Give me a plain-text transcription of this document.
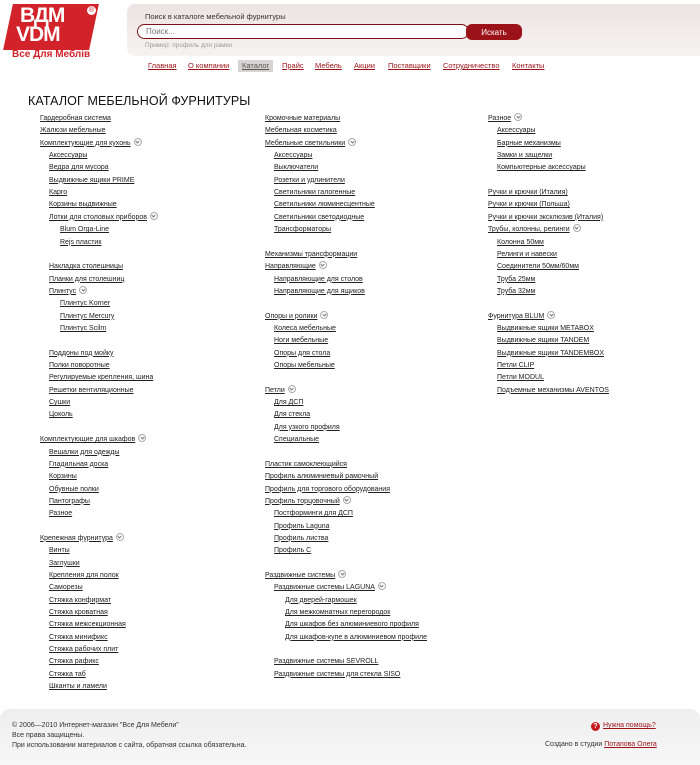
ВДМ
VDM
®
Все Для Меблів
Поиск в каталоге мебельной фурнитуры
Поиск...
Искать
Пример: профиль для рамки
Главная О компании	Каталог	Прайс Мебель Акции Поставщики Сотрудничество Контакты
КАТАЛОГ МЕБЕЛЬНОЙ ФУРНИТУРЫ
Гардеробная система
Жалюзи мебельные
Комплектующие для кухонь
Аксессуары
Ведра для мусора
Выдвижные ящики PRIME
Карго
Корзины выдвижные
Лотки для столовых приборов
Blum Orga-Line
Rejs пластик
Накладка столешницы
Планки для столешниц
Плинтус
Плинтус Korner
Плинтус Mercury
Плинтус Scilm
Поддоны под мойку
Полки поворотные
Регулируемые крепления, шина
Решетки вентиляционные
Сушки
Цоколь
Комплектующие для шкафов
Вешалки для одежды
Гладильная доска
Корзины
Обувные полки
Пантографы
Разное
Крепежная фурнитура
Винты
Заглушки
Крепления для полок
Саморезы
Стяжка конфирмат
Стяжка кроватная
Стяжка межсекционная
Стяжка минификс
Стяжка рабочих плит
Стяжка рафикс
Стяжка таб
Шканты и ламели
Кромочные материалы
Мебельная косметика
Мебельные светильники
Аксессуары
Выключатели
Розетки и удлинители
Светильники галогенные
Светильники люминесцентные
Светильники светодиодные
Трансформаторы
Механизмы трансформации
Направляющие
Направляющие для столов
Направляющие для ящиков
Опоры и ролики
Колеса мебельные
Ноги мебельные
Опоры для стола
Опоры мебельные
Петли
Для ДСП
Для стекла
Для узкого профиля
Специальные
Пластик самоклеющийся
Профиль алюминиевый рамочный
Профиль для торгового оборудования
Профиль торцовочный
Постформинги для ДСП
Профиль Laguna
Профиль листва
Профиль С
Раздвижные системы
Раздвижные системы LAGUNA
Для дверей-гармошек
Для межкомнатных перегородок
Для шкафов без алюминиевого профиля
Для шкафов-купе в алюминиевом профиле
Раздвижные системы SEVROLL
Раздвижные системы для стекла SISO
Разное
Аксессуары
Барные механизмы
Замки и защелки
Компьютерные аксессуары
Ручки и крючки (Италия)
Ручки и крючки (Польша)
Ручки и крючки эксклюзив (Италия)
Трубы, колонны, релинги
Колонна 50мм
Релинги и навески
Соединители 50мм/60мм
Труба 25мм
Труба 32мм
Фурнитура BLUM
Выдвижные ящики METABOX
Выдвижные ящики TANDEM
Выдвижные ящики TANDEMBOX
Петли CLIP
Петли MODUL
Подъемные механизмы AVENTOS
© 2006—2010 Интернет-магазин "Все Для Мебели"
Все права защищены.
При использовании материалов с сайта, обратная ссылка обязательна.
? Нужна помощь?
Создано в студии Потапова Олега
